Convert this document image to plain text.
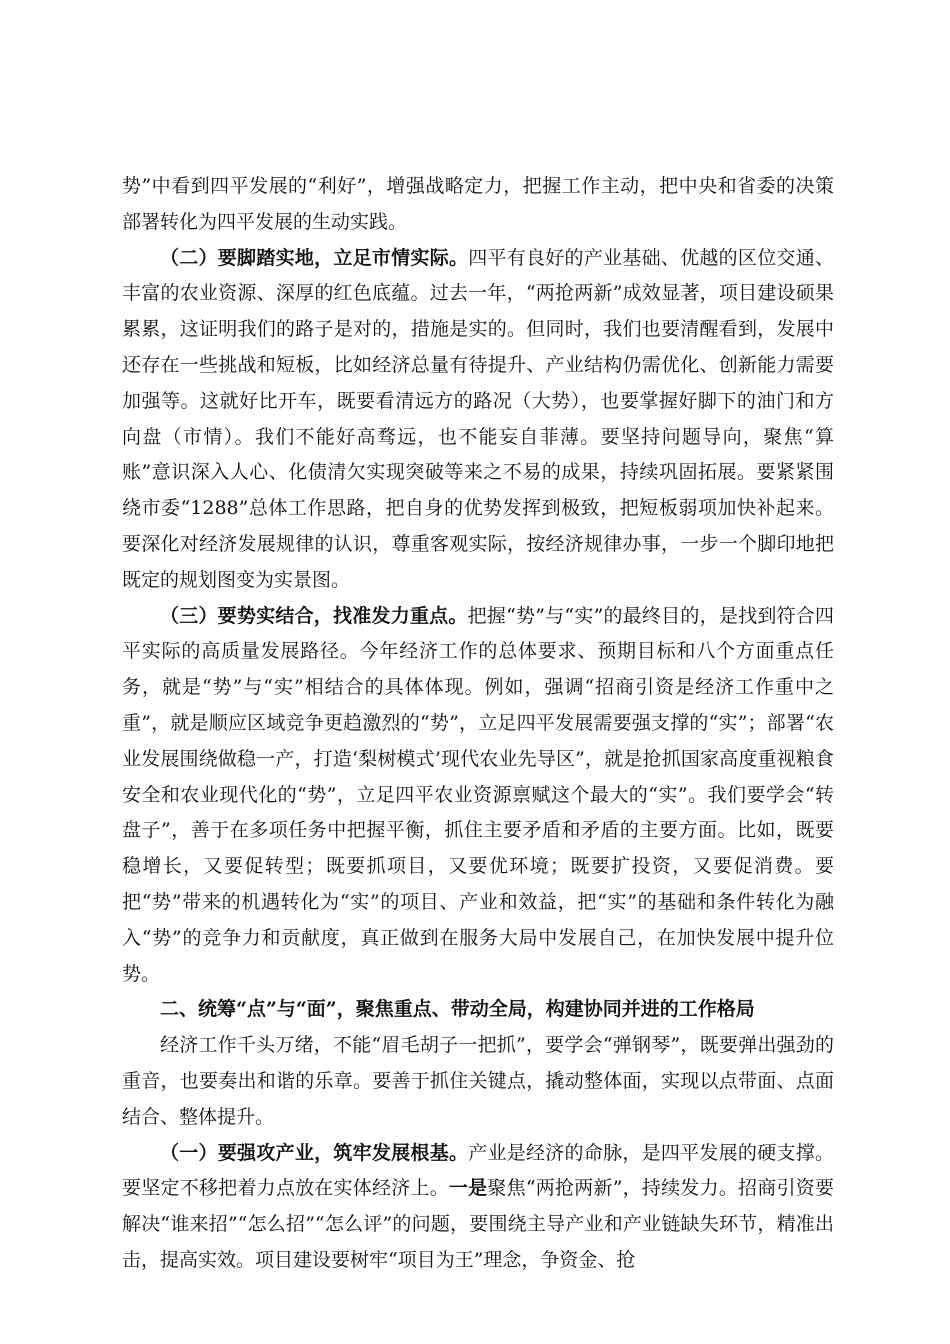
势”中看到四平发展的“利好”，增强战略定力，把握工作主动，把中央和省委的决策部署转化为四平发展的生动实践。

（二）要脚踏实地，立足市情实际。四平有良好的产业基础、优越的区位交通、丰富的农业资源、深厚的红色底蕴。过去一年，“两抢两新”成效显著，项目建设硕果累累，这证明我们的路子是对的，措施是实的。但同时，我们也要清醒看到，发展中还存在一些挑战和短板，比如经济总量有待提升、产业结构仍需优化、创新能力需要加强等。这就好比开车，既要看清远方的路况（大势），也要掌握好脚下的油门和方向盘（市情）。我们不能好高骛远，也不能妄自菲薄。要坚持问题导向，聚焦“算账”意识深入人心、化债清欠实现突破等来之不易的成果，持续巩固拓展。要紧紧围绕市委“1288”总体工作思路，把自身的优势发挥到极致，把短板弱项加快补起来。要深化对经济发展规律的认识，尊重客观实际，按经济规律办事，一步一个脚印地把既定的规划图变为实景图。

（三）要势实结合，找准发力重点。把握“势”与“实”的最终目的，是找到符合四平实际的高质量发展路径。今年经济工作的总体要求、预期目标和八个方面重点任务，就是“势”与“实”相结合的具体体现。例如，强调“招商引资是经济工作重中之重”，就是顺应区域竞争更趋激烈的“势”，立足四平发展需要强支撑的“实”；部署“农业发展围绕做稳一产，打造‘梨树模式’现代农业先导区”，就是抢抓国家高度重视粮食安全和农业现代化的“势”，立足四平农业资源禀赋这个最大的“实”。我们要学会“转盘子”，善于在多项任务中把握平衡，抓住主要矛盾和矛盾的主要方面。比如，既要稳增长，又要促转型；既要抓项目，又要优环境；既要扩投资，又要促消费。要把“势”带来的机遇转化为“实”的项目、产业和效益，把“实”的基础和条件转化为融入“势”的竞争力和贡献度，真正做到在服务大局中发展自己，在加快发展中提升位势。

二、统筹“点”与“面”，聚焦重点、带动全局，构建协同并进的工作格局

经济工作千头万绪，不能“眉毛胡子一把抓”，要学会“弹钢琴”，既要弹出强劲的重音，也要奏出和谐的乐章。要善于抓住关键点，撬动整体面，实现以点带面、点面结合、整体提升。

（一）要强攻产业，筑牢发展根基。产业是经济的命脉，是四平发展的硬支撑。要坚定不移把着力点放在实体经济上。一是聚焦“两抢两新”，持续发力。招商引资要解决“谁来招”“怎么招”“怎么评”的问题，要围绕主导产业和产业链缺失环节，精准出击，提高实效。项目建设要树牢“项目为王”理念，争资金、抢
